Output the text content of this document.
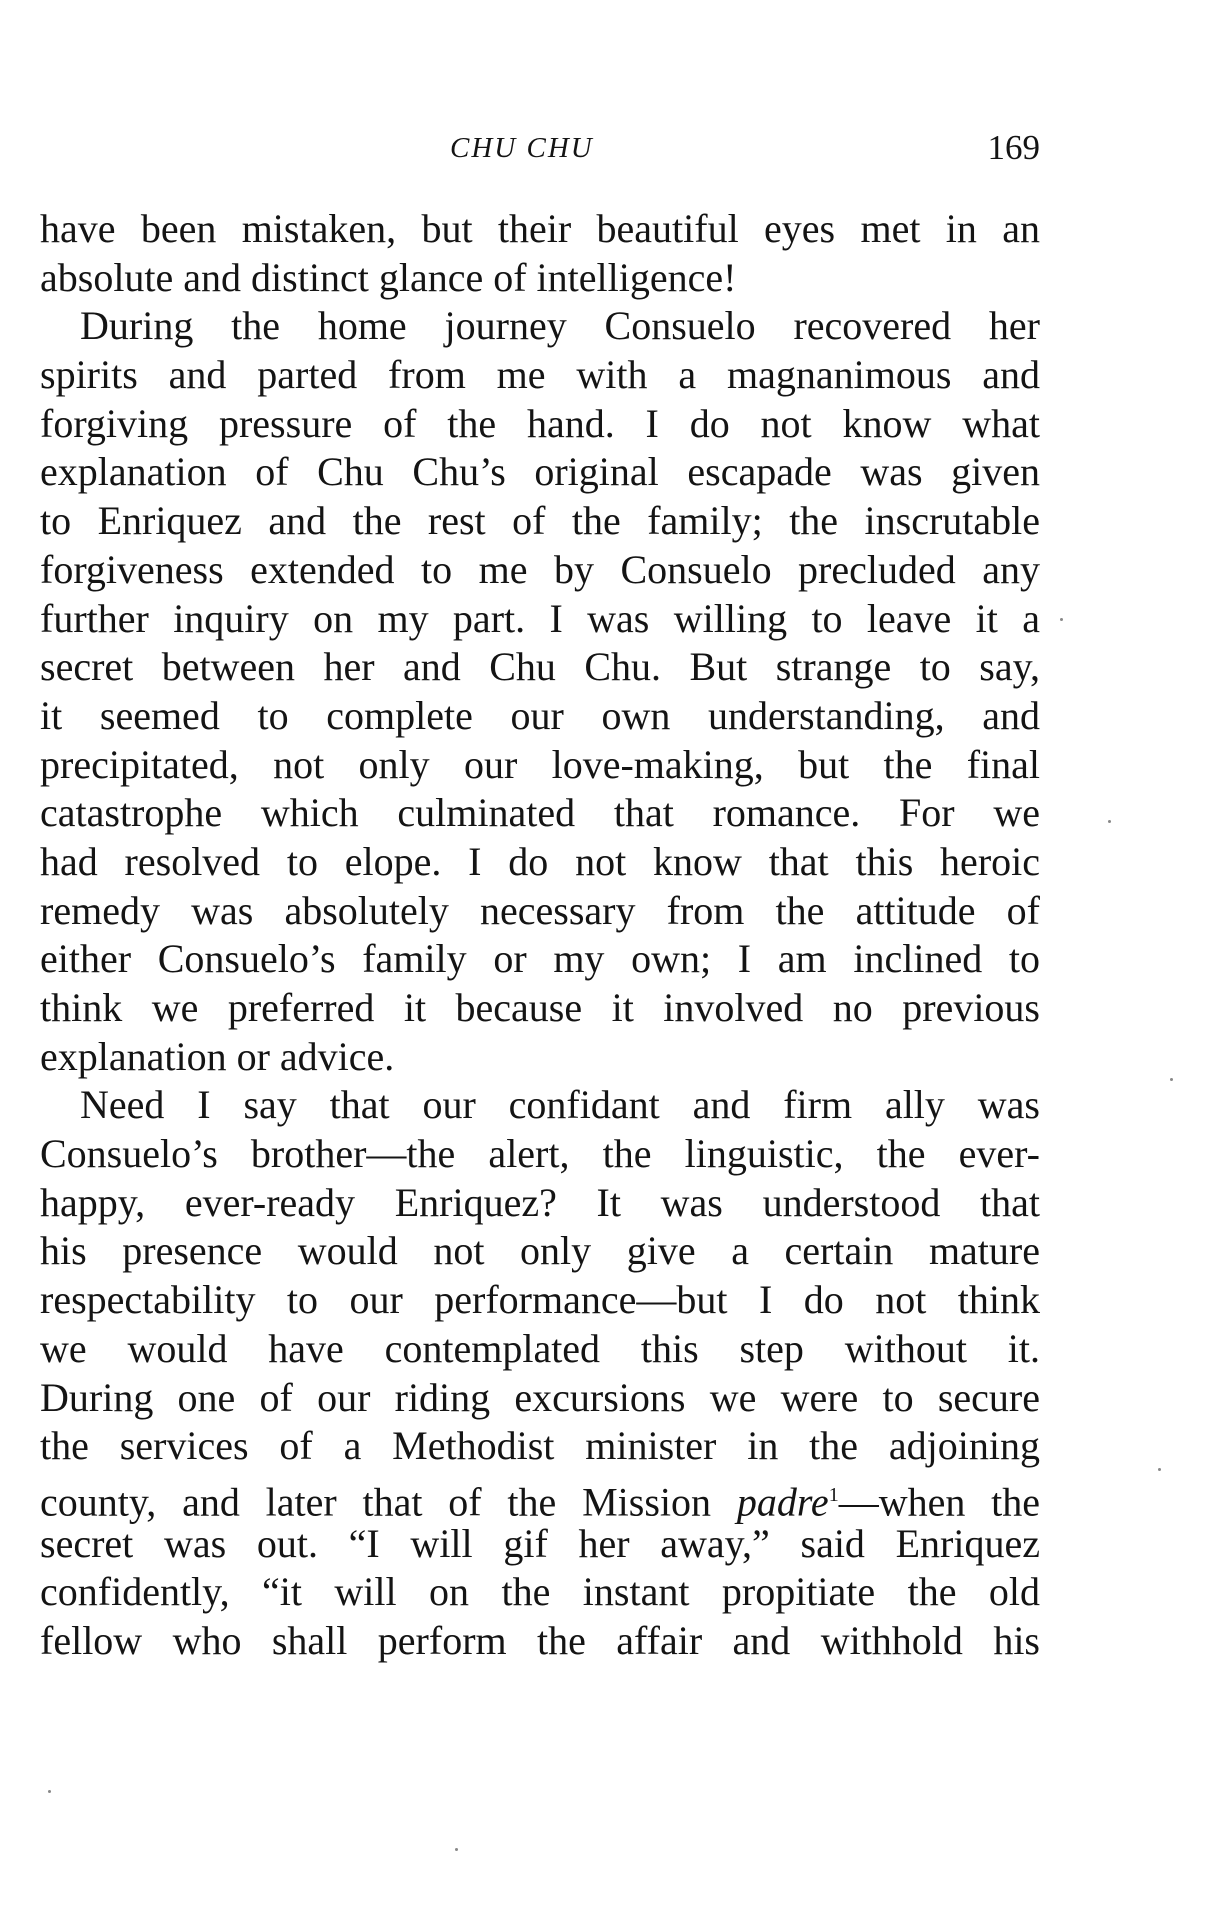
CHU CHU	169
have been mistaken, but their beautiful eyes met in an
absolute and distinct glance of intelligence!
During the home journey Consuelo recovered her
spirits and parted from me with a magnanimous and
forgiving pressure of the hand. I do not know what
explanation of Chu Chu’s original escapade was given
to Enriquez and the rest of the family; the inscrutable
forgiveness extended to me by Consuelo precluded any
further inquiry on my part. I was willing to leave it a
secret between her and Chu Chu. But strange to say,
it seemed to complete our own understanding, and
precipitated, not only our love-making, but the final
catastrophe which culminated that romance. For we
had resolved to elope. I do not know that this heroic
remedy was absolutely necessary from the attitude of
either Consuelo’s family or my own; I am inclined to
think we preferred it because it involved no previous
explanation or advice.
Need I say that our confidant and firm ally was
Consuelo’s brother—the alert, the linguistic, the ever-
happy, ever-ready Enriquez? It was understood that
his presence would not only give a certain mature
respectability to our performance—but I do not think
we would have contemplated this step without it.
During one of our riding excursions we were to secure
the services of a Methodist minister in the adjoining
county, and later that of the Mission padre$^1$—when the
secret was out. “I will gif her away,” said Enriquez
confidently, “it will on the instant propitiate the old
fellow who shall perform the affair and withhold his
